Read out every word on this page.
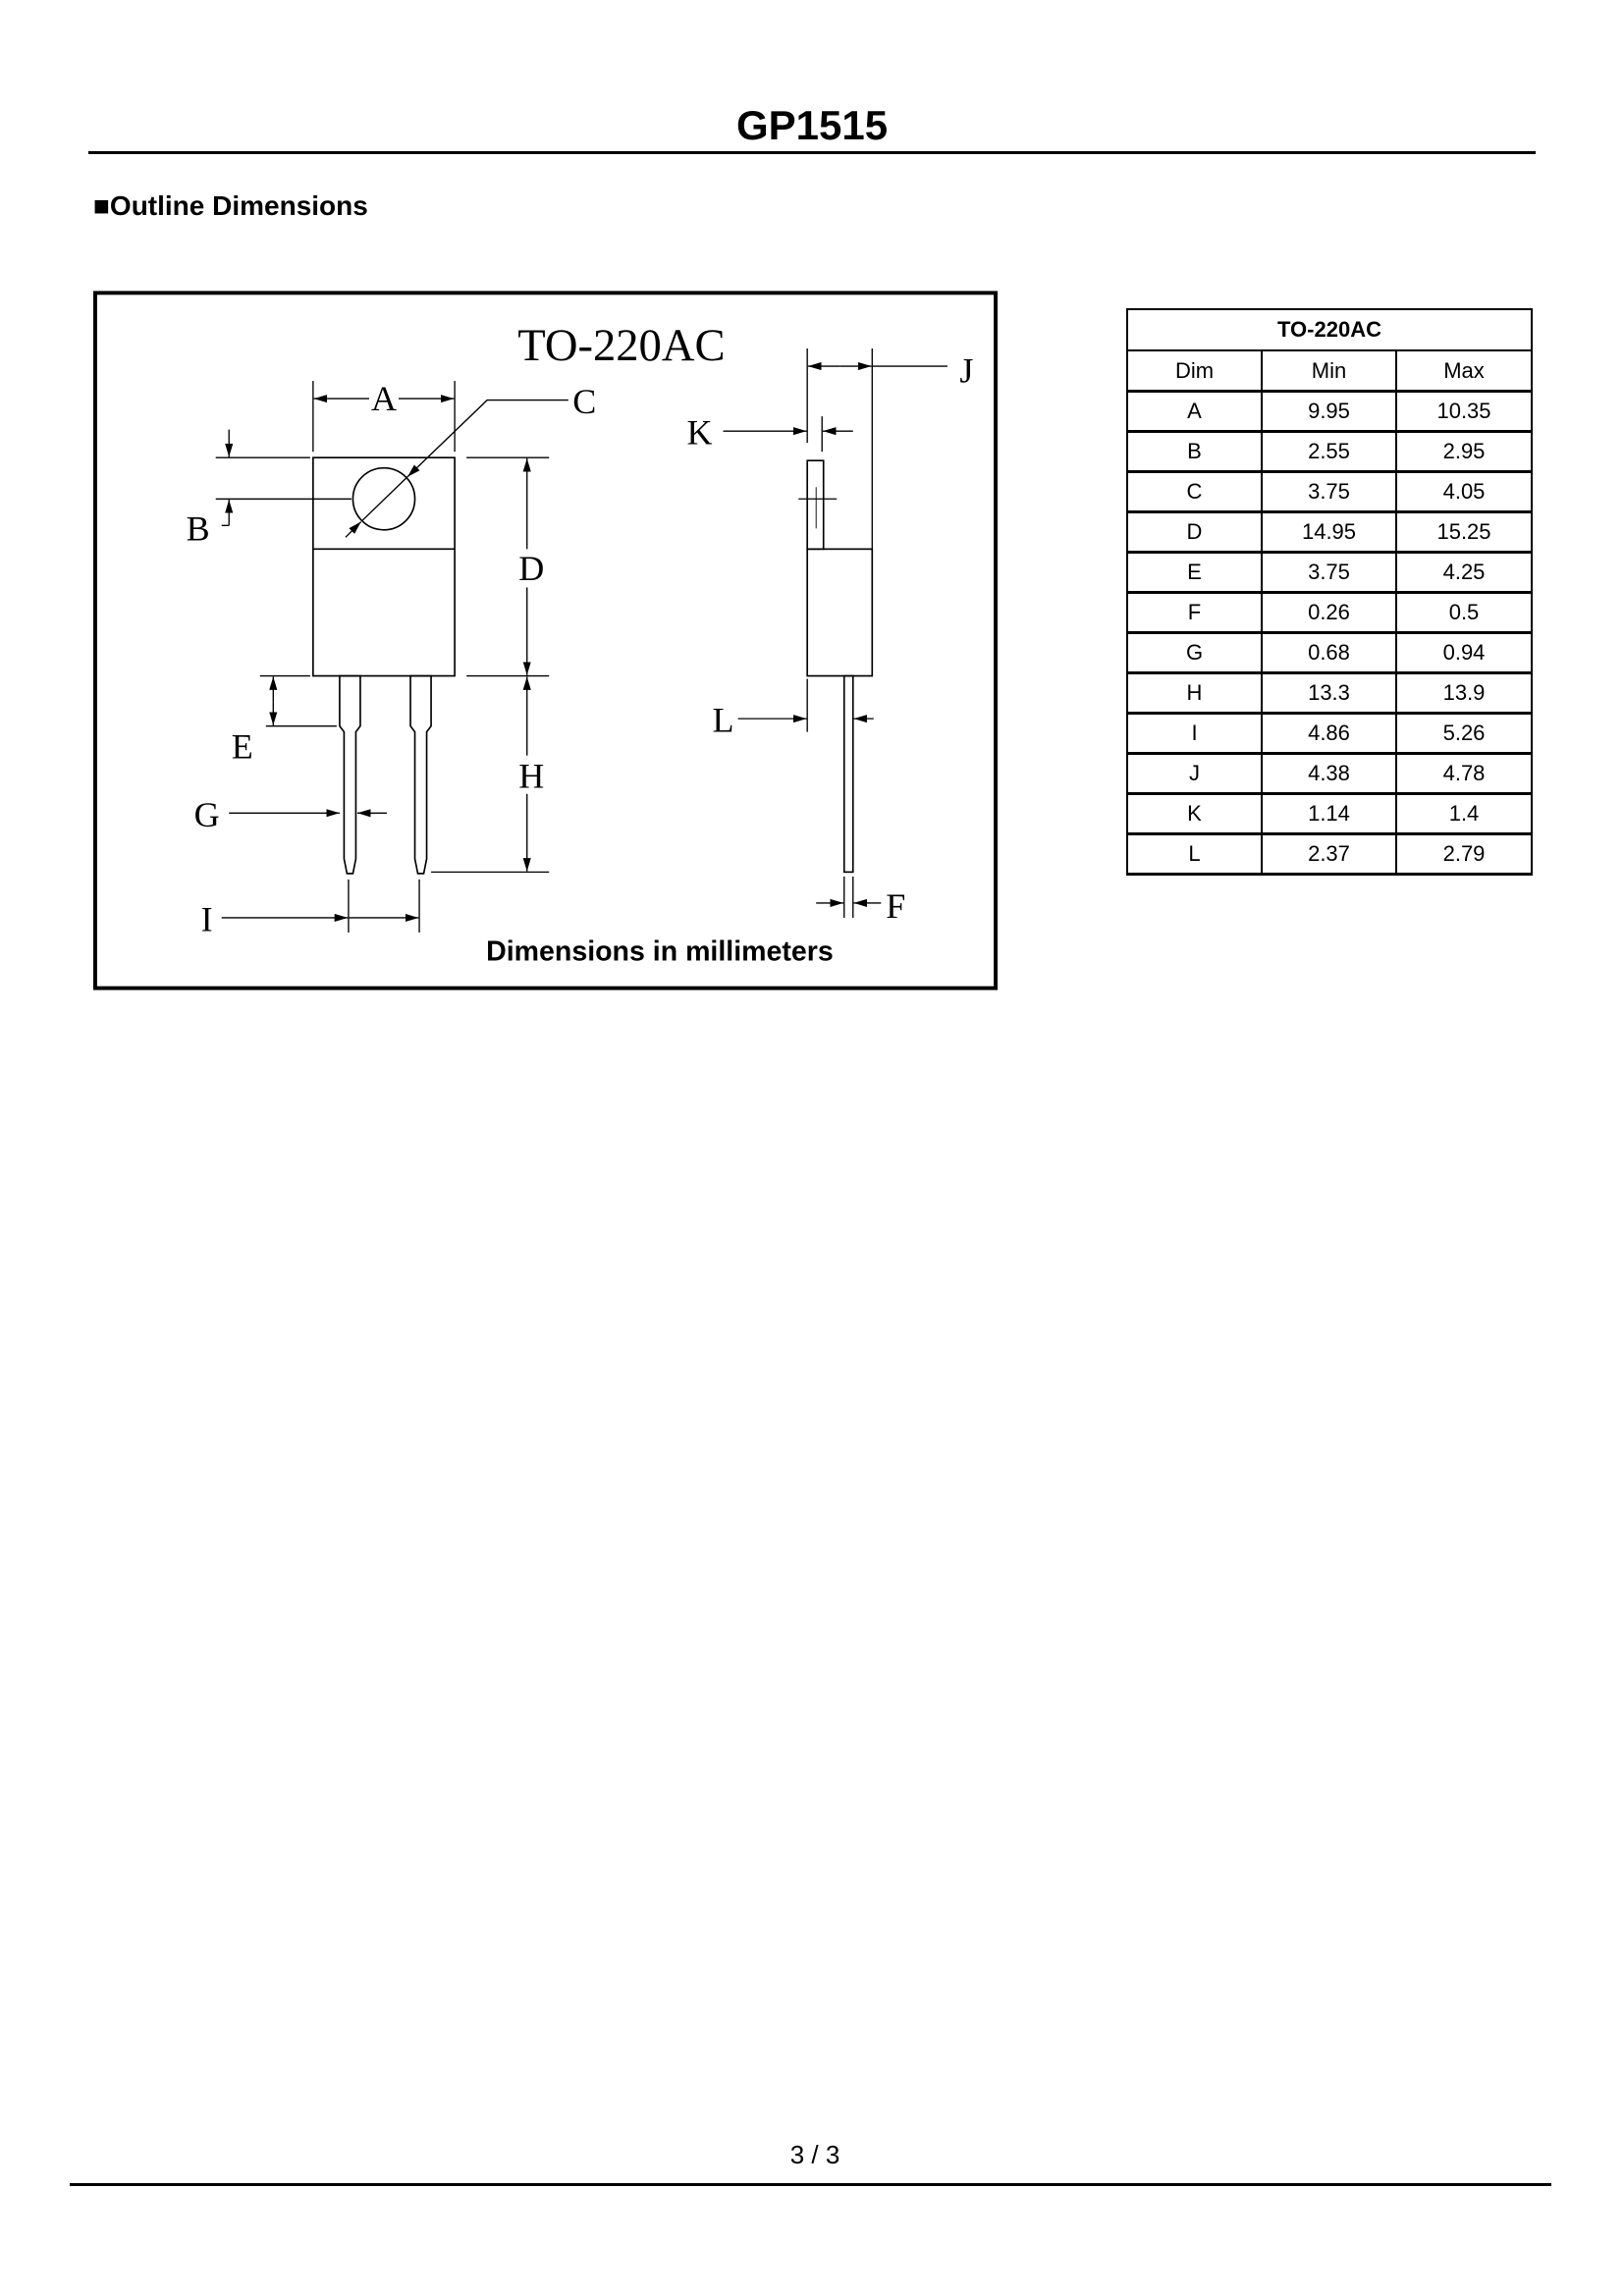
GP1515
■Outline Dimensions
TO-220AC
A	C
B
D
E
H
G
I
J
K
L
F
Dimensions in millimeters
TO-220AC		
Dim	Min	Max
A	9.95	10.35
B	2.55	2.95
C	3.75	4.05
D	14.95	15.25
E	3.75	4.25
F	0.26	0.5
G	0.68	0.94
H	13.3	13.9
I	4.86	5.26
J	4.38	4.78
K	1.14	1.4
L	2.37	2.79
3 / 3
